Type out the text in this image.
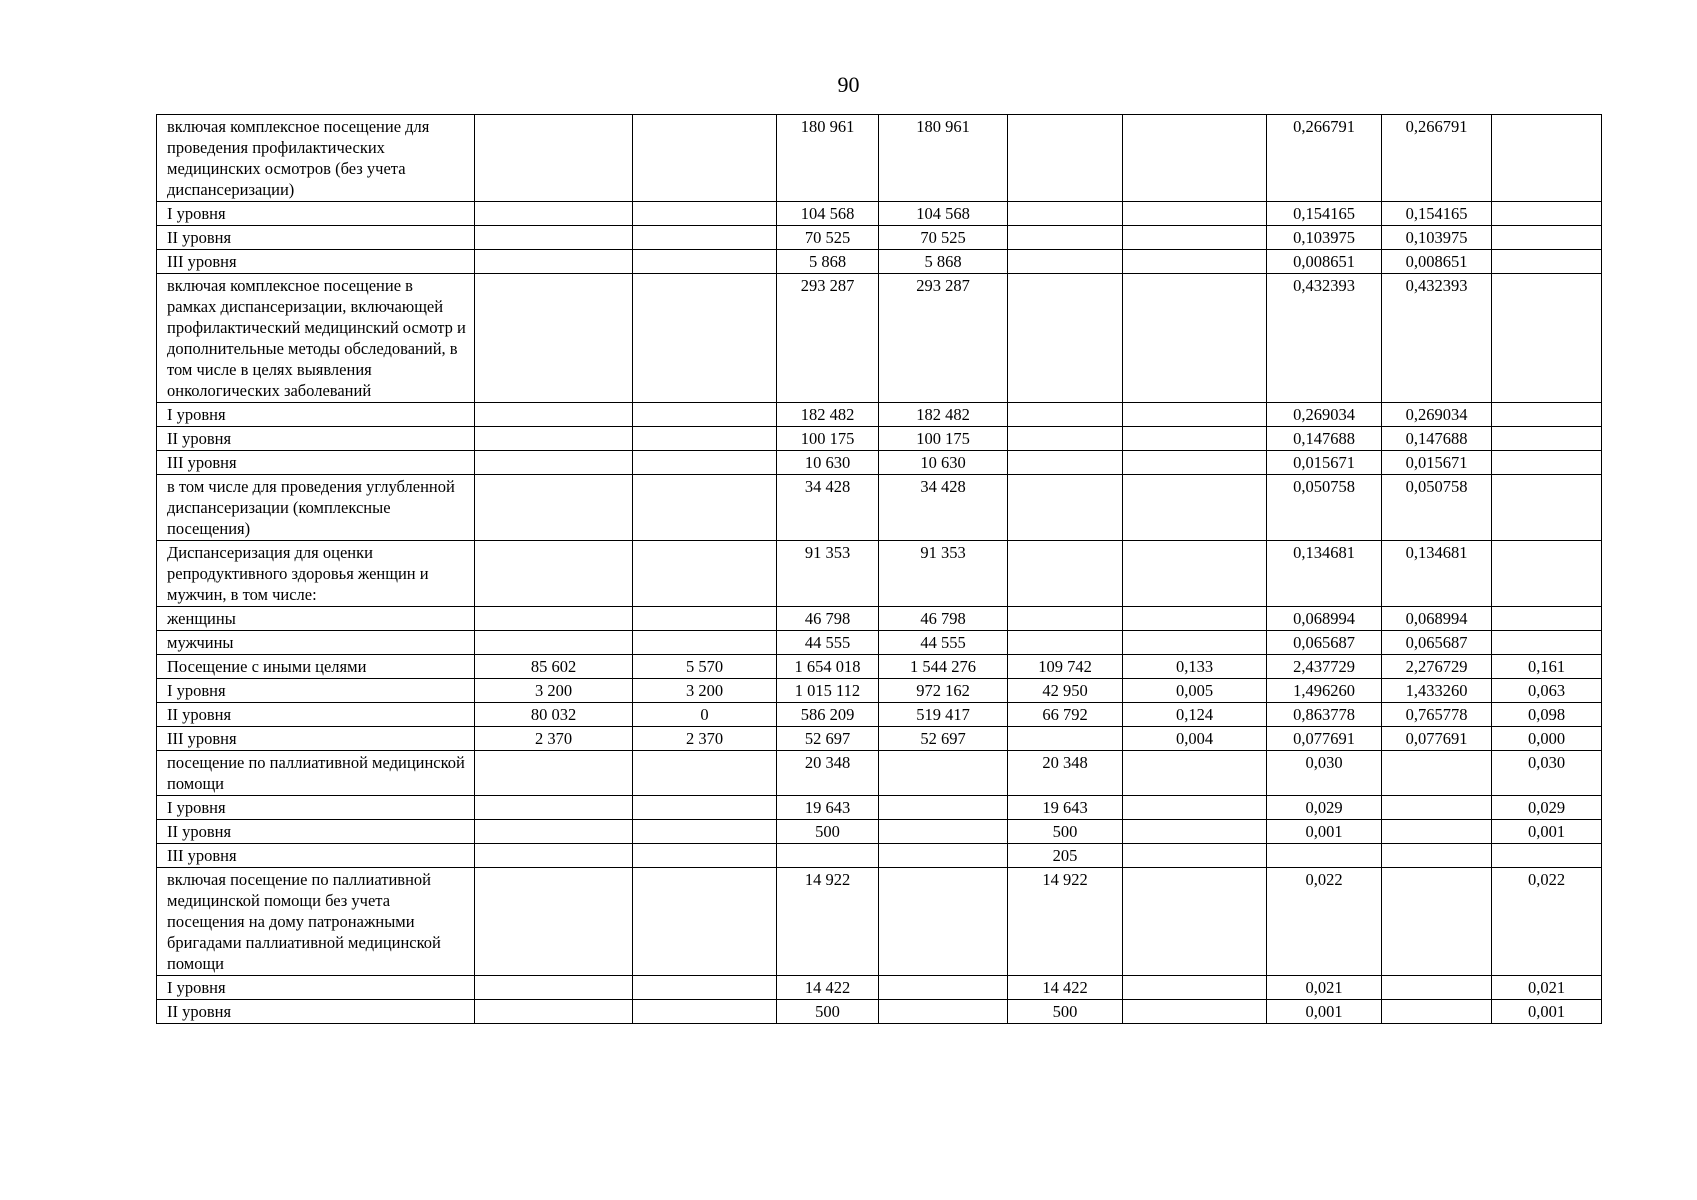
90
включая комплексное посещение для проведения профилактических медицинских осмотров (без учета диспансеризации)			180 961	180 961			0,266791	0,266791	
I уровня			104 568	104 568			0,154165	0,154165	
II уровня			70 525	70 525			0,103975	0,103975	
III уровня			5 868	5 868			0,008651	0,008651	
включая комплексное посещение в рамках диспансеризации, включающей профилактический медицинский осмотр и дополнительные методы обследований, в том числе в целях выявления онкологических заболеваний			293 287	293 287			0,432393	0,432393	
I уровня			182 482	182 482			0,269034	0,269034	
II уровня			100 175	100 175			0,147688	0,147688	
III уровня			10 630	10 630			0,015671	0,015671	
в том числе для проведения углубленной диспансеризации (комплексные посещения)			34 428	34 428			0,050758	0,050758	
Диспансеризация для оценки репродуктивного здоровья женщин и мужчин, в том числе:			91 353	91 353			0,134681	0,134681	
женщины			46 798	46 798			0,068994	0,068994	
мужчины			44 555	44 555			0,065687	0,065687	
Посещение с иными целями	85 602	5 570	1 654 018	1 544 276	109 742	0,133	2,437729	2,276729	0,161
I уровня	3 200	3 200	1 015 112	972 162	42 950	0,005	1,496260	1,433260	0,063
II уровня	80 032	0	586 209	519 417	66 792	0,124	0,863778	0,765778	0,098
III уровня	2 370	2 370	52 697	52 697		0,004	0,077691	0,077691	0,000
посещение по паллиативной медицинской помощи			20 348		20 348		0,030		0,030
I уровня			19 643		19 643		0,029		0,029
II уровня			500		500		0,001		0,001
III уровня					205				
включая посещение по паллиативной медицинской помощи без учета посещения на дому патронажными бригадами паллиативной медицинской помощи			14 922		14 922		0,022		0,022
I уровня			14 422		14 422		0,021		0,021
II уровня			500		500		0,001		0,001
